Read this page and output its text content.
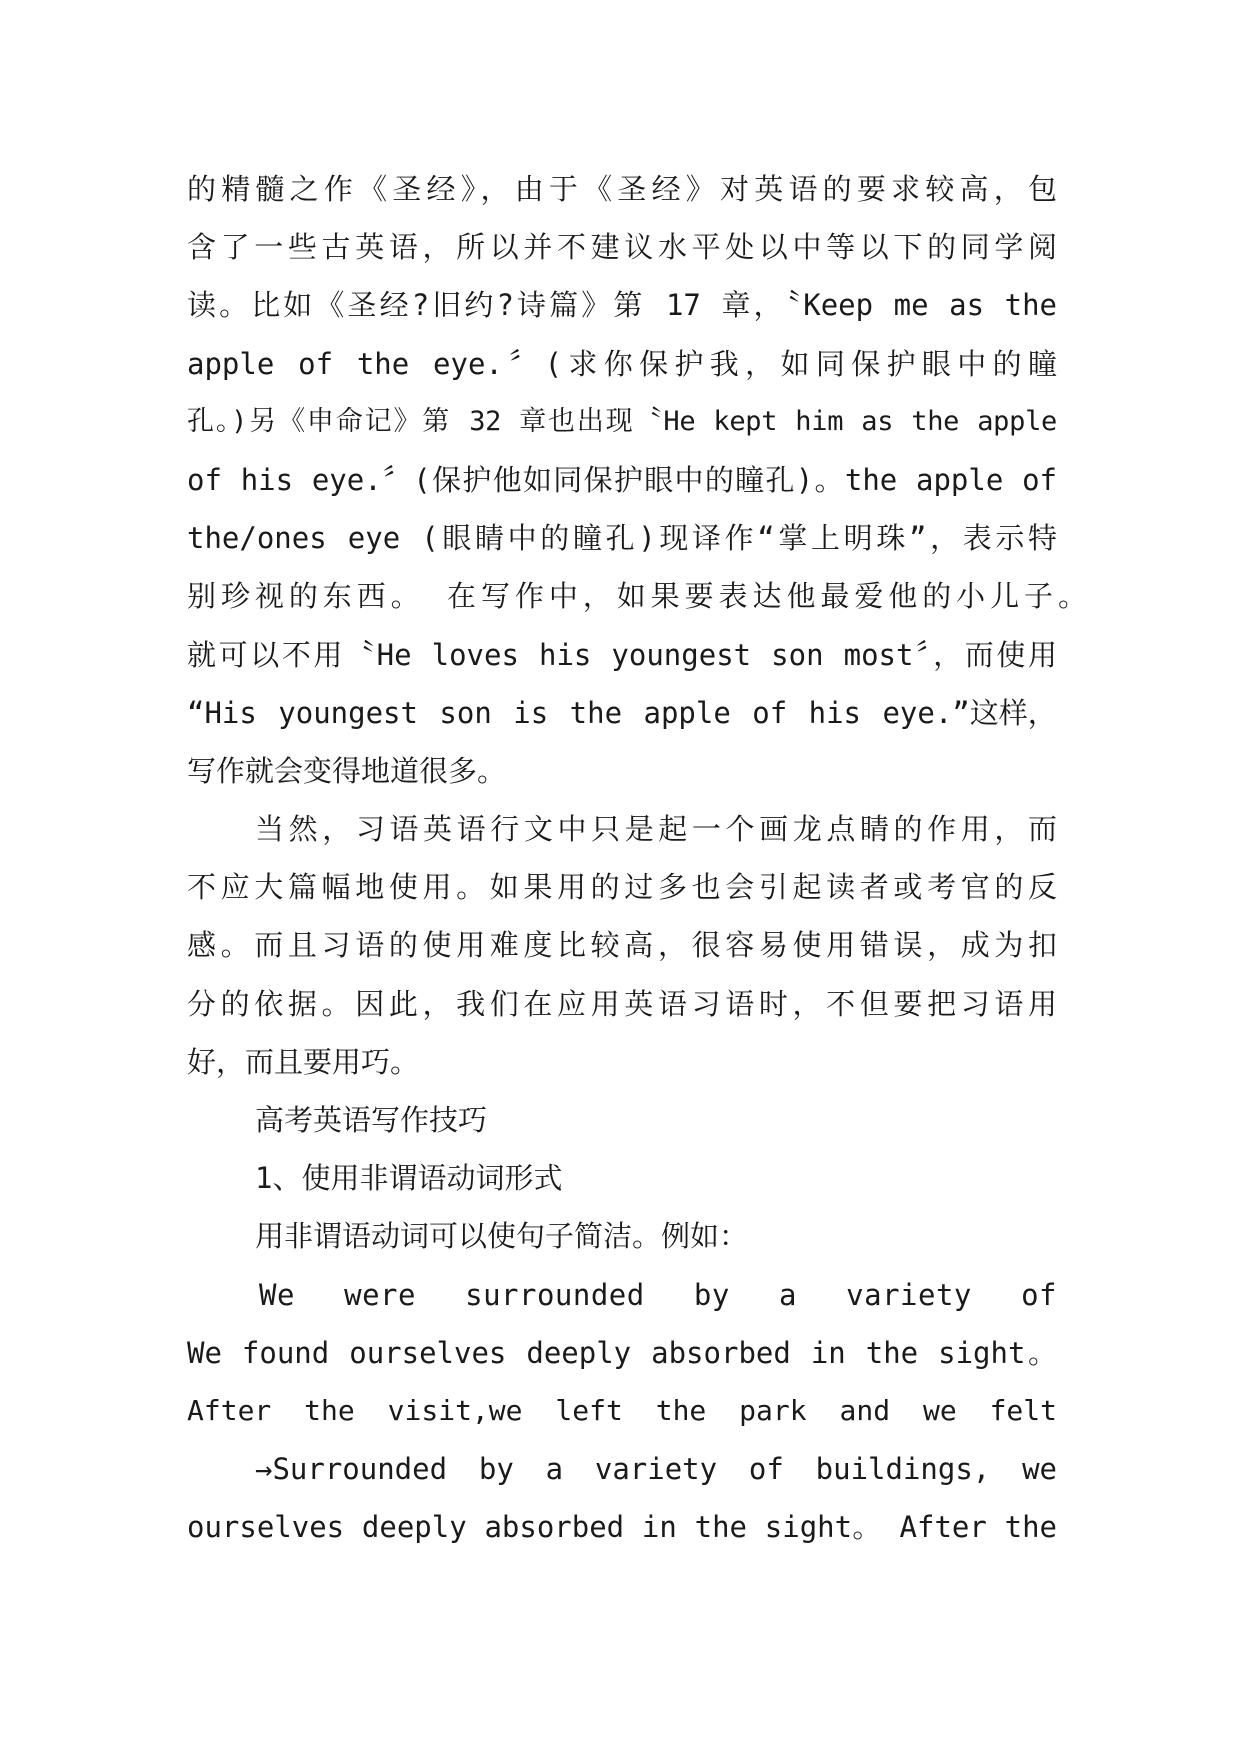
的精髓之作《圣经》，由于《圣经》对英语的要求较高，包
含了一些古英语，所以并不建议水平处以中等以下的同学阅
读。比如《圣经?旧约?诗篇》第 17 章，〝Keep me as the
apple of the eye.〞(求你保护我，如同保护眼中的瞳
孔。)另《申命记》第 32 章也出现〝He kept him as the apple
of his eye.〞(保护他如同保护眼中的瞳孔)。the apple of
the/ones eye (眼睛中的瞳孔)现译作“掌上明珠”，表示特
别珍视的东西。 在写作中，如果要表达他最爱他的小儿子。
就可以不用〝He loves his youngest son most〞，而使用
“His youngest son is the apple of his eye.”这样，
写作就会变得地道很多。
当然，习语英语行文中只是起一个画龙点睛的作用，而
不应大篇幅地使用。如果用的过多也会引起读者或考官的反
感。而且习语的使用难度比较高，很容易使用错误，成为扣
分的依据。因此，我们在应用英语习语时，不但要把习语用
好，而且要用巧。
高考英语写作技巧
1、使用非谓语动词形式
用非谓语动词可以使句子简洁。例如：
We were surrounded by a variety of
We found ourselves deeply absorbed in the sight。
After the visit,we left the park and we felt
→Surrounded by a variety of buildings, we
ourselves deeply absorbed in the sight。 After the
